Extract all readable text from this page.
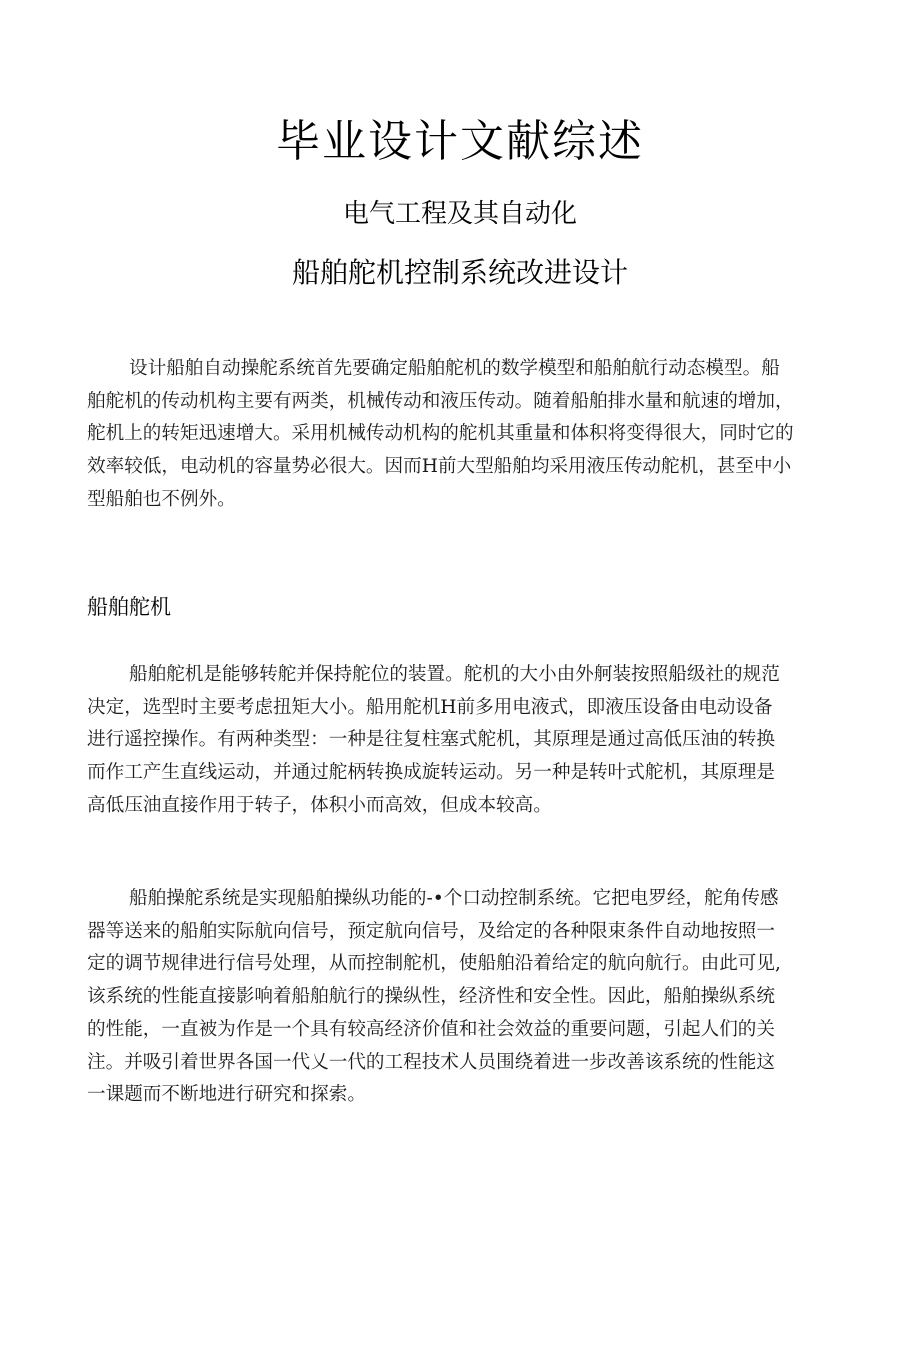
毕业设计文献综述
电气工程及其自动化
船舶舵机控制系统改进设计
设计船舶自动操舵系统首先要确定船舶舵机的数学模型和船舶航行动态模型。船
舶舵机的传动机构主要有两类，机械传动和液压传动。随着船舶排水量和航速的增加，
舵机上的转矩迅速增大。采用机械传动机构的舵机其重量和体积将变得很大，同时它的
效率较低，电动机的容量势必很大。因而H前大型船舶均采用液压传动舵机，甚至中小
型船舶也不例外。
船舶舵机
船舶舵机是能够转舵并保持舵位的装置。舵机的大小由外舸装按照船级社的规范
决定，选型时主要考虑扭矩大小。船用舵机H前多用电液式，即液压设备由电动设备
进行遥控操作。有两种类型：一种是往复柱塞式舵机，其原理是通过高低压油的转换
而作工产生直线运动，并通过舵柄转换成旋转运动。另一种是转叶式舵机，其原理是
高低压油直接作用于转子，体积小而高效，但成本较高。
船舶操舵系统是实现船舶操纵功能的-•个口动控制系统。它把电罗经，舵角传感
器等送来的船舶实际航向信号，预定航向信号，及给定的各种限束条件自动地按照一
定的调节规律进行信号处理，从而控制舵机，使船舶沿着给定的航向航行。由此可见,
该系统的性能直接影响着船舶航行的操纵性，经济性和安全性。因此，船舶操纵系统
的性能，一直被为作是一个具有较高经济价值和社会效益的重要问题，引起人们的关
注。并吸引着世界各国一代乂一代的工程技术人员围绕着进一步改善该系统的性能这
一课题而不断地进行研究和探索。
